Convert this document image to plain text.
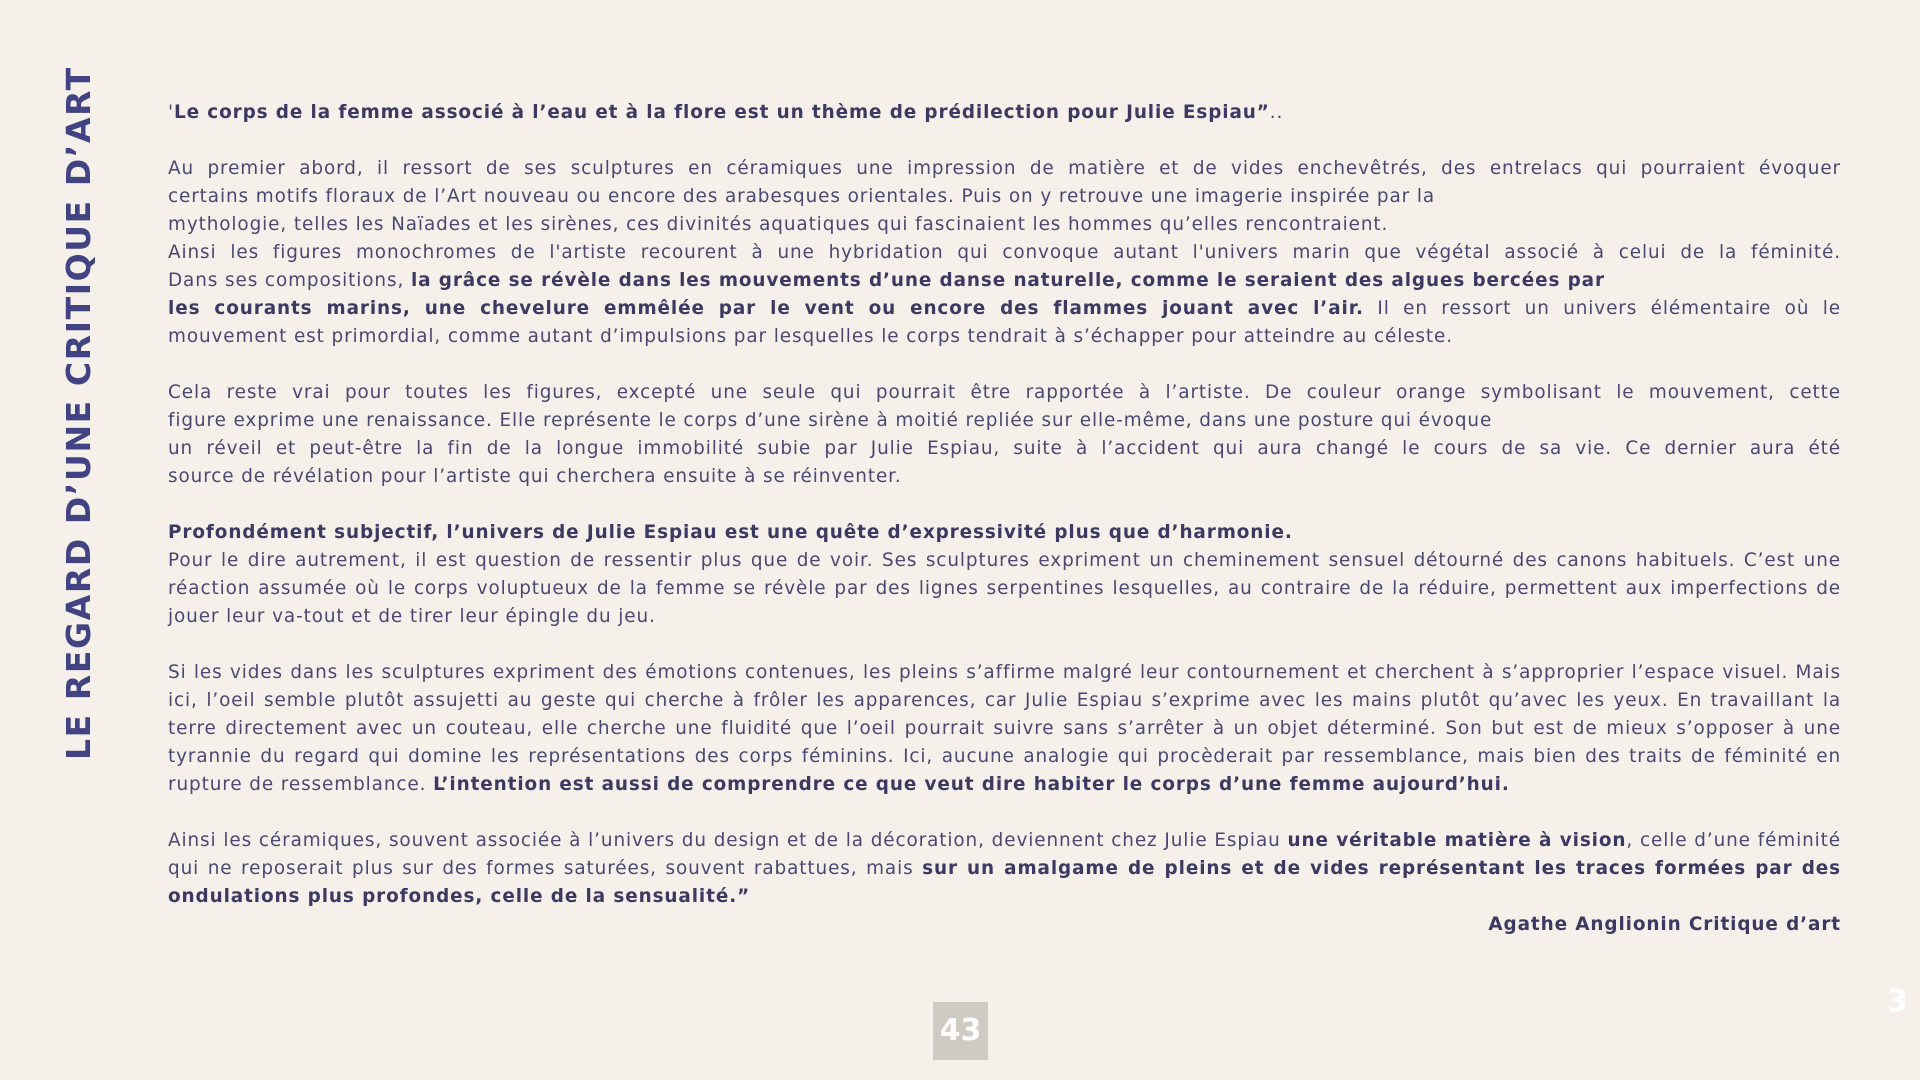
LE REGARD D’UNE CRITIQUE D’ART	'Le corps de la femme associé à l’eau et à la flore est un thème de prédilection pour Julie Espiau”..

Au premier abord, il ressort de ses sculptures en céramiques une impression de matière et de vides enchevêtrés, des entrelacs qui pourraient évoquer
certains motifs floraux de l’Art nouveau ou encore des arabesques orientales. Puis on y retrouve une imagerie inspirée par la
mythologie, telles les Naïades et les sirènes, ces divinités aquatiques qui fascinaient les hommes qu’elles rencontraient.
Ainsi les figures monochromes de l'artiste recourent à une hybridation qui convoque autant l'univers marin que végétal associé à celui de la féminité.
Dans ses compositions, la grâce se révèle dans les mouvements d’une danse naturelle, comme le seraient des algues bercées par
les courants marins, une chevelure emmêlée par le vent ou encore des flammes jouant avec l’air. Il en ressort un univers élémentaire où le
mouvement est primordial, comme autant d’impulsions par lesquelles le corps tendrait à s’échapper pour atteindre au céleste.

Cela reste vrai pour toutes les figures, excepté une seule qui pourrait être rapportée à l’artiste. De couleur orange symbolisant le mouvement, cette
figure exprime une renaissance. Elle représente le corps d’une sirène à moitié repliée sur elle-même, dans une posture qui évoque
un réveil et peut-être la fin de la longue immobilité subie par Julie Espiau, suite à l’accident qui aura changé le cours de sa vie. Ce dernier aura été
source de révélation pour l’artiste qui cherchera ensuite à se réinventer.

Profondément subjectif, l’univers de Julie Espiau est une quête d’expressivité plus que d’harmonie.
Pour le dire autrement, il est question de ressentir plus que de voir. Ses sculptures expriment un cheminement sensuel détourné des canons habituels. C’est une réaction assumée où le corps voluptueux de la femme se révèle par des lignes serpentines lesquelles, au contraire de la réduire, permettent aux imperfections de jouer leur va-tout et de tirer leur épingle du jeu.

Si les vides dans les sculptures expriment des émotions contenues, les pleins s’affirme malgré leur contournement et cherchent à s’approprier l’espace visuel. Mais ici, l’oeil semble plutôt assujetti au geste qui cherche à frôler les apparences, car Julie Espiau s’exprime avec les mains plutôt qu’avec les yeux. En travaillant la terre directement avec un couteau, elle cherche une fluidité que l’oeil pourrait suivre sans s’arrêter à un objet déterminé. Son but est de mieux s’opposer à une tyrannie du regard qui domine les représentations des corps féminins. Ici, aucune analogie qui procèderait par ressemblance, mais bien des traits de féminité en rupture de ressemblance. L’intention est aussi de comprendre ce que veut dire habiter le corps d’une femme aujourd’hui.

Ainsi les céramiques, souvent associée à l’univers du design et de la décoration, deviennent chez Julie Espiau une véritable matière à vision, celle d’une féminité qui ne reposerait plus sur des formes saturées, souvent rabattues, mais sur un amalgame de pleins et de vides représentant les traces formées par des ondulations plus profondes, celle de la sensualité.”

Agathe Anglionin Critique d’art
43
3
